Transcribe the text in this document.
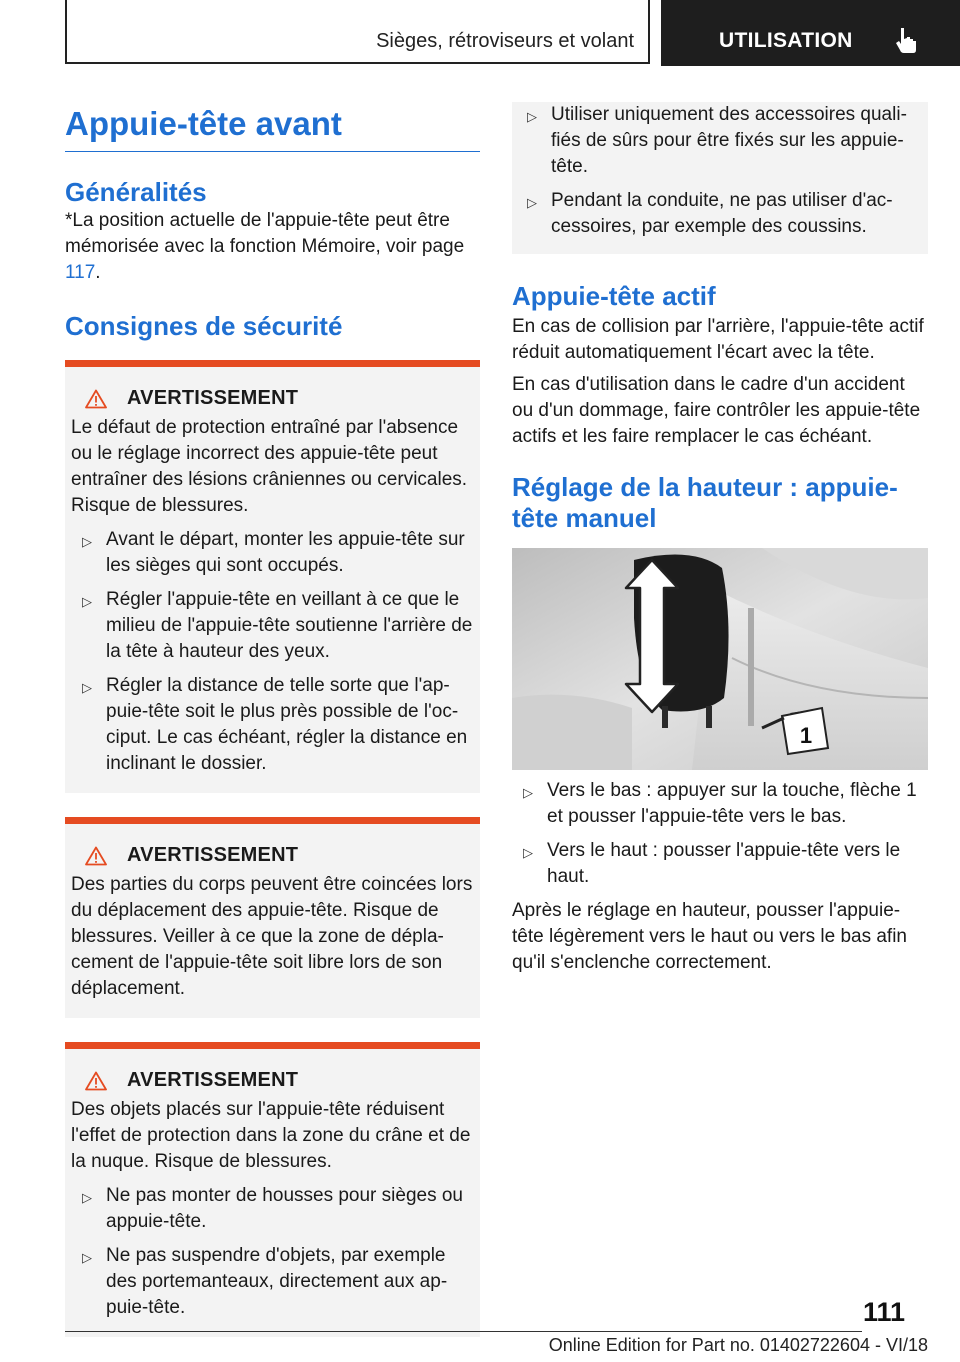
Sièges, rétroviseurs et volant	UTILISATION
Appuie-tête avant
Généralités

*La position actuelle de l'appuie-tête peut être mémorisée avec la fonction Mémoire, voir page 117.

Consignes de sécurité
AVERTISSEMENT

Le défaut de protection entraîné par l'absence ou le réglage incorrect des appuie-tête peut entraîner des lésions crâniennes ou cervicales. Risque de blessures.

▷ Avant le départ, monter les appuie-tête sur les sièges qui sont occupés.
▷ Régler l'appuie-tête en veillant à ce que le milieu de l'appuie-tête soutienne l'arrière de la tête à hauteur des yeux.
▷ Régler la distance de telle sorte que l'appuie-tête soit le plus près possible de l'occiput. Le cas échéant, régler la distance en inclinant le dossier.
AVERTISSEMENT

Des parties du corps peuvent être coincées lors du déplacement des appuie-tête. Risque de blessures. Veiller à ce que la zone de déplacement de l'appuie-tête soit libre lors de son déplacement.

AVERTISSEMENT

Des objets placés sur l'appuie-tête réduisent l'effet de protection dans la zone du crâne et de la nuque. Risque de blessures.

▷ Ne pas monter de housses pour sièges ou appuie-tête.
▷ Ne pas suspendre d'objets, par exemple des portemanteaux, directement aux appuie-tête.
▷ Utiliser uniquement des accessoires qualifiés de sûrs pour être fixés sur les appuie-tête.
▷ Pendant la conduite, ne pas utiliser d'accessoires, par exemple des coussins.
Appuie-tête actif

En cas de collision par l'arrière, l'appuie-tête actif réduit automatiquement l'écart avec la tête.

En cas d'utilisation dans le cadre d'un accident ou d'un dommage, faire contrôler les appuie-tête actifs et les faire remplacer le cas échéant.

Réglage de la hauteur : appuie-tête manuel
1
▷ Vers le bas : appuyer sur la touche, flèche 1 et pousser l'appuie-tête vers le bas.
▷ Vers le haut : pousser l'appuie-tête vers le haut.

Après le réglage en hauteur, pousser l'appuie-tête légèrement vers le haut ou vers le bas afin qu'il s'enclenche correctement.

111
Online Edition for Part no. 01402722604 - VI/18
